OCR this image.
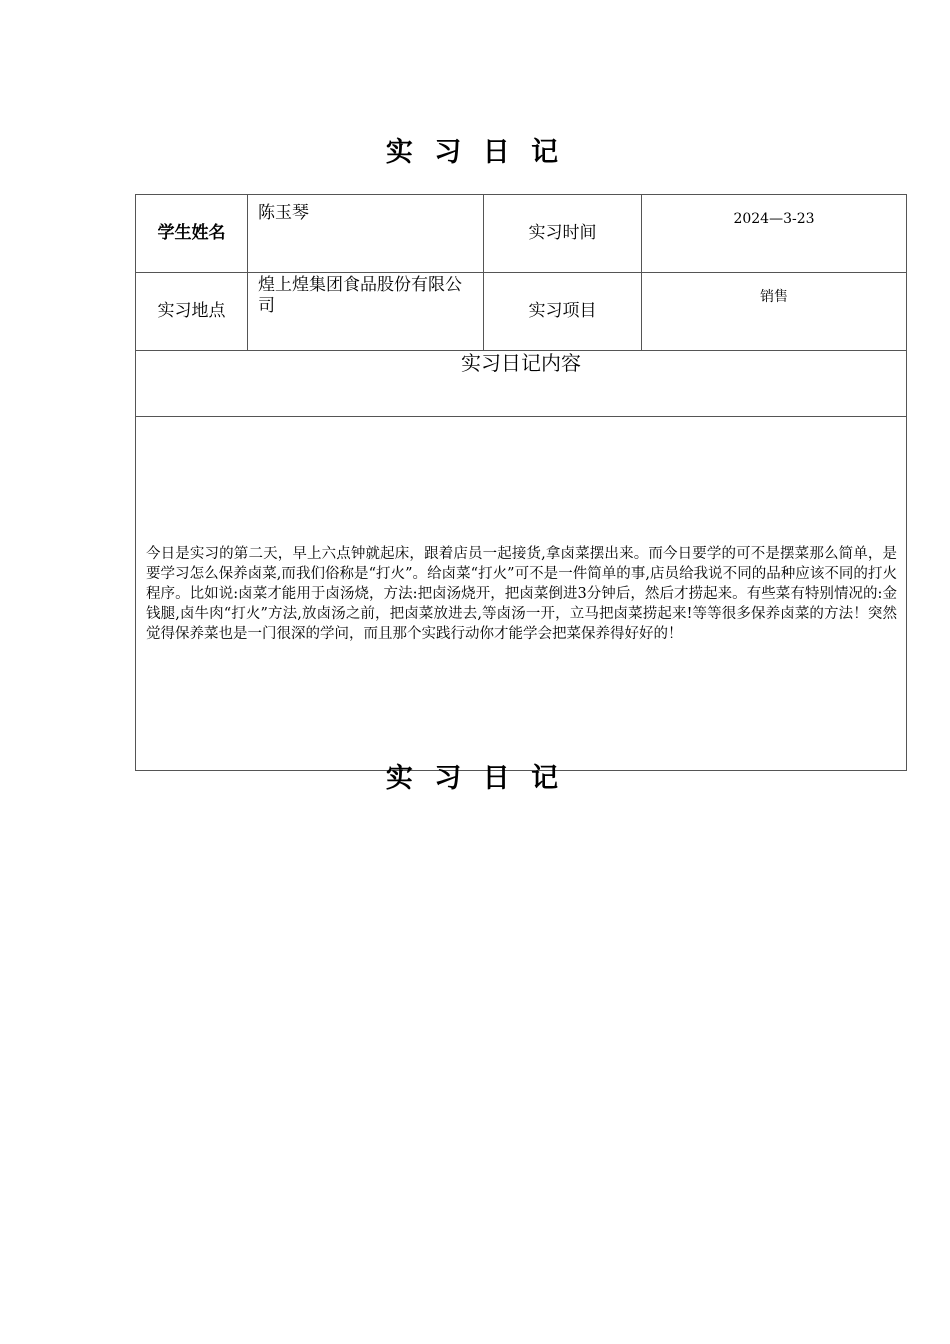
实 习 日 记
学生姓名	陈玉琴	实习时间	2024—3-23
实习地点	煌上煌集团食品股份有限公司	实习项目	销售
实习日记内容			
今日是实习的第二天，早上六点钟就起床，跟着店员一起接货,拿卤菜摆出来。而今日要学的可不是摆菜那么简单，是要学习怎么保养卤菜,而我们俗称是“打火”。给卤菜“打火”可不是一件简单的事,店员给我说不同的品种应该不同的打火程序。比如说:卤菜才能用于卤汤烧，方法:把卤汤烧开，把卤菜倒进3分钟后，然后才捞起来。有些菜有特别情况的:金钱腿,卤牛肉“打火”方法,放卤汤之前，把卤菜放进去,等卤汤一开，立马把卤菜捞起来!等等很多保养卤菜的方法！突然觉得保养菜也是一门很深的学问，而且那个实践行动你才能学会把菜保养得好好的！			
实 习 日 记
